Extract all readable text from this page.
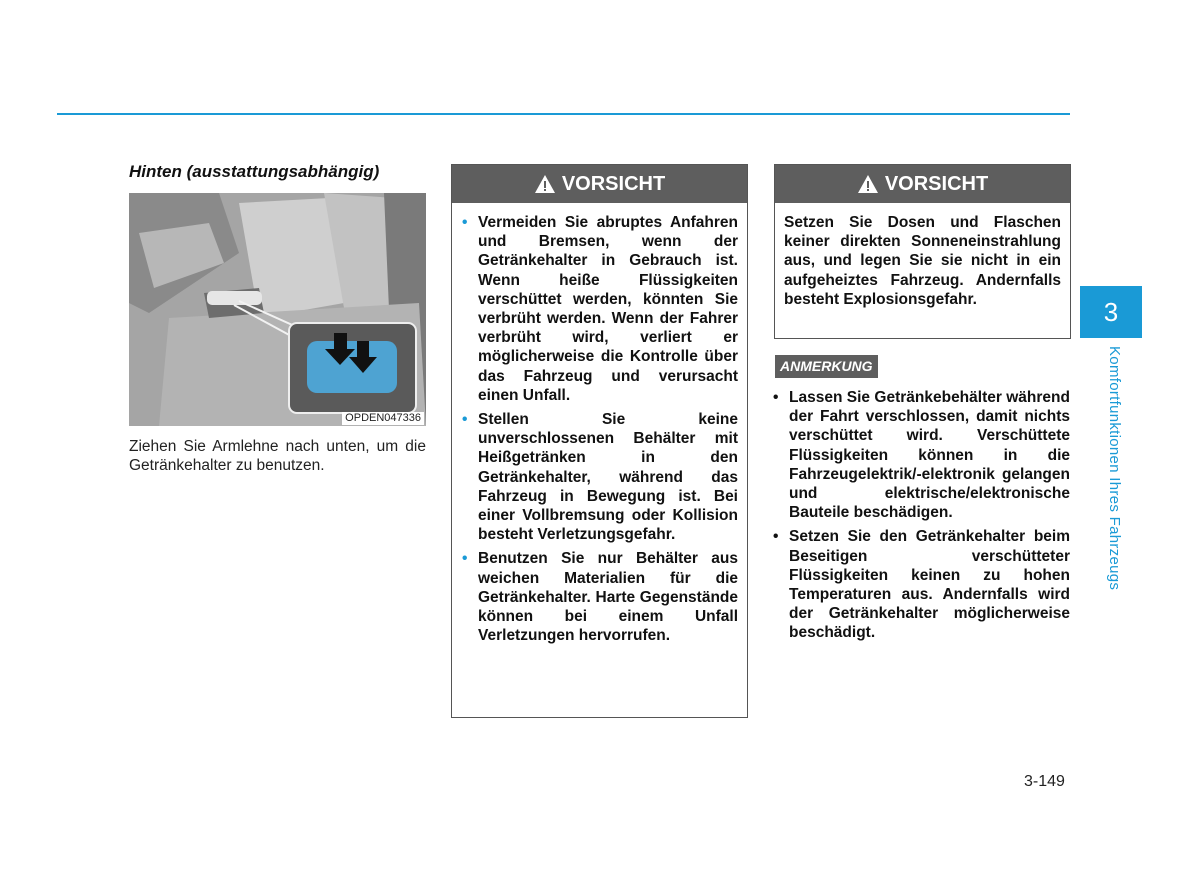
Hinten (ausstattungsabhängig)
OPDEN047336
Ziehen Sie Armlehne nach unten, um die Getränkehalter zu benutzen.
VORSICHT
• Vermeiden Sie abruptes Anfahren und Bremsen, wenn der Getränkehalter in Gebrauch ist. Wenn heiße Flüssigkeiten verschüttet werden, könnten Sie verbrüht werden. Wenn der Fahrer verbrüht wird, verliert er möglicherweise die Kontrolle über das Fahrzeug und verursacht einen Unfall.
• Stellen Sie keine unverschlossenen Behälter mit Heißgetränken in den Getränkehalter, während das Fahrzeug in Bewegung ist. Bei einer Vollbremsung oder Kollision besteht Verletzungsgefahr.
• Benutzen Sie nur Behälter aus weichen Materialien für die Getränkehalter. Harte Gegenstände können bei einem Unfall Verletzungen hervorrufen.
VORSICHT

Setzen Sie Dosen und Flaschen keiner direkten Sonneneinstrahlung aus, und legen Sie sie nicht in ein aufgeheiztes Fahrzeug. Andernfalls besteht Explosionsgefahr.

ANMERKUNG
• Lassen Sie Getränkebehälter während der Fahrt verschlossen, damit nichts verschüttet wird. Verschüttete Flüssigkeiten können in die Fahrzeugelektrik/-elektronik gelangen und elektrische/elektronische Bauteile beschädigen.
• Setzen Sie den Getränkehalter beim Beseitigen verschütteter Flüssigkeiten keinen zu hohen Temperaturen aus. Andernfalls wird der Getränkehalter möglicherweise beschädigt.
3
Komfortfunktionen Ihres Fahrzeugs
3-149
